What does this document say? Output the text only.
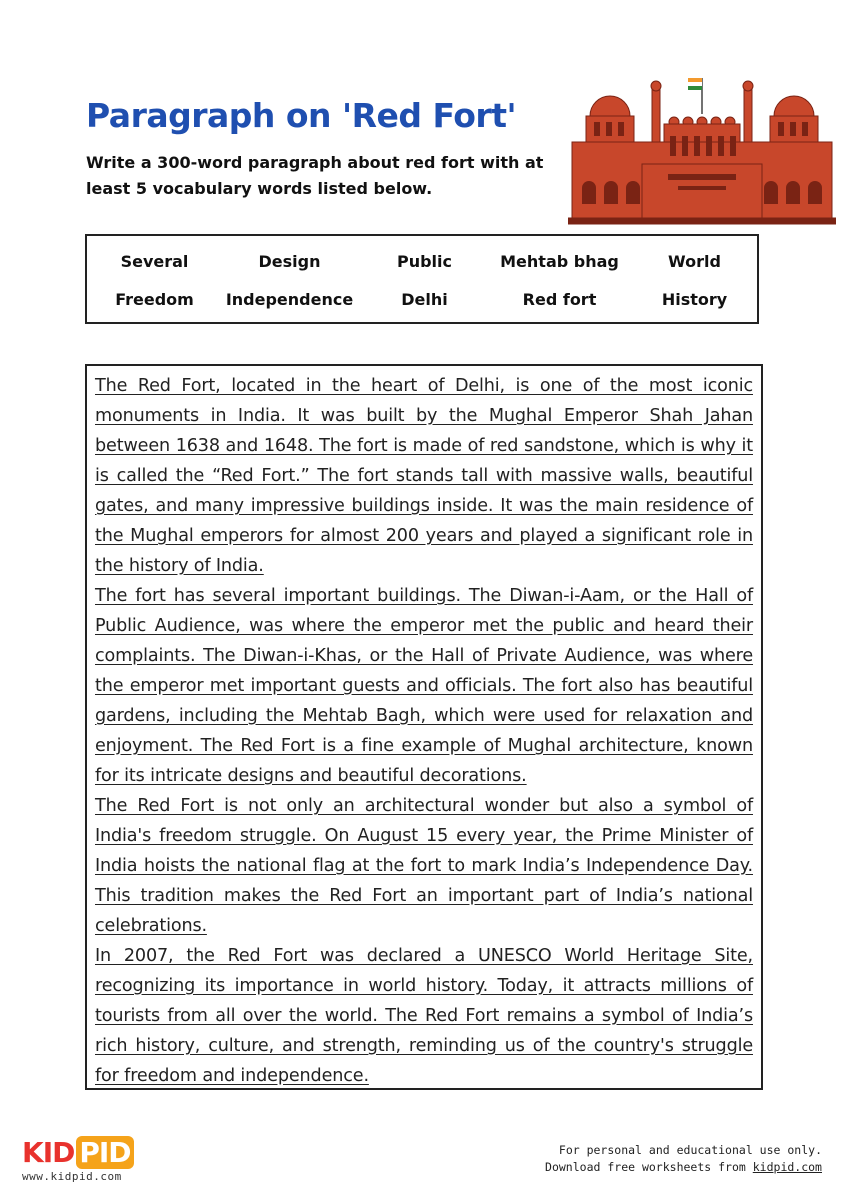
Paragraph on 'Red Fort'
Write a 300-word paragraph about red fort with at least 5 vocabulary words listed below.
Several	Design	Public	Mehtab bhag	World
Freedom	Independence	Delhi	Red fort	History

The Red Fort, located in the heart of Delhi, is one of the most iconic monuments in India. It was built by the Mughal Emperor Shah Jahan between 1638 and 1648. The fort is made of red sandstone, which is why it is called the “Red Fort.” The fort stands tall with massive walls, beautiful gates, and many impressive buildings inside. It was the main residence of the Mughal emperors for almost 200 years and played a significant role in the history of India.

The fort has several important buildings. The Diwan-i-Aam, or the Hall of Public Audience, was where the emperor met the public and heard their complaints. The Diwan-i-Khas, or the Hall of Private Audience, was where the emperor met important guests and officials. The fort also has beautiful gardens, including the Mehtab Bagh, which were used for relaxation and enjoyment. The Red Fort is a fine example of Mughal architecture, known for its intricate designs and beautiful decorations.

The Red Fort is not only an architectural wonder but also a symbol of India's freedom struggle. On August 15 every year, the Prime Minister of India hoists the national flag at the fort to mark India’s Independence Day. This tradition makes the Red Fort an important part of India’s national celebrations.

In 2007, the Red Fort was declared a UNESCO World Heritage Site, recognizing its importance in world history. Today, it attracts millions of tourists from all over the world. The Red Fort remains a symbol of India’s rich history, culture, and strength, reminding us of the country's struggle for freedom and independence.

KID PID
www.kidpid.com
For personal and educational use only.
Download free worksheets from kidpid.com
